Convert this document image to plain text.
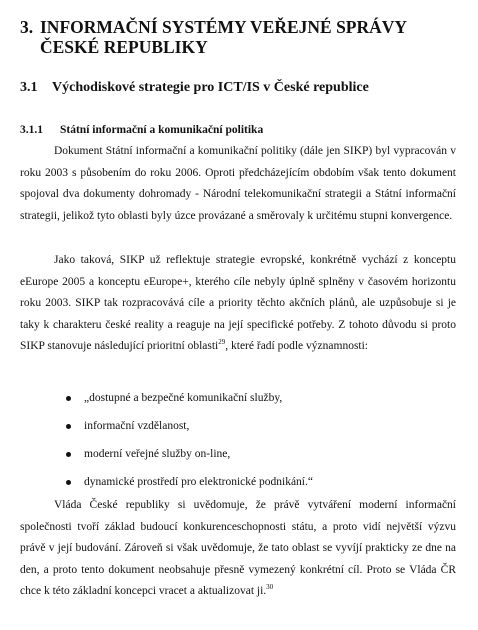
3. INFORMAČNÍ SYSTÉMY VEŘEJNÉ SPRÁVY ČESKÉ REPUBLIKY
3.1 Východiskové strategie pro ICT/IS v České republice
3.1.1 Státní informační a komunikační politika

Dokument Státní informační a komunikační politiky (dále jen SIKP) byl vypracován v roku 2003 s působením do roku 2006. Oproti předcházejícím obdobím však tento dokument spojoval dva dokumenty dohromady - Národní telekomunikační strategii a Státní informační strategii, jelikož tyto oblasti byly úzce provázané a směrovaly k určitému stupni konvergence.

Jako taková, SIKP už reflektuje strategie evropské, konkrétně vychází z konceptu eEurope 2005 a konceptu eEurope+, kterého cíle nebyly úplně splněny v časovém horizontu roku 2003. SIKP tak rozpracovává cíle a priority těchto akčních plánů, ale uzpůsobuje si je taky k charakteru české reality a reaguje na její specifické potřeby. Z tohoto důvodu si proto SIKP stanovuje následující prioritní oblasti$^{29}$, které řadí podle významnosti:

„dostupné a bezpečné komunikační služby,
informační vzdělanost,
moderní veřejné služby on-line,
dynamické prostředí pro elektronické podnikání.“

Vláda České republiky si uvědomuje, že právě vytváření moderní informační společnosti tvoří základ budoucí konkurenceschopnosti státu, a proto vidí největší výzvu právě v její budování. Zároveň si však uvědomuje, že tato oblast se vyvíjí prakticky ze dne na den, a proto tento dokument neobsahuje přesně vymezený konkrétní cíl. Proto se Vláda ČR chce k této základní koncepci vracet a aktualizovat ji.$^{30}$
